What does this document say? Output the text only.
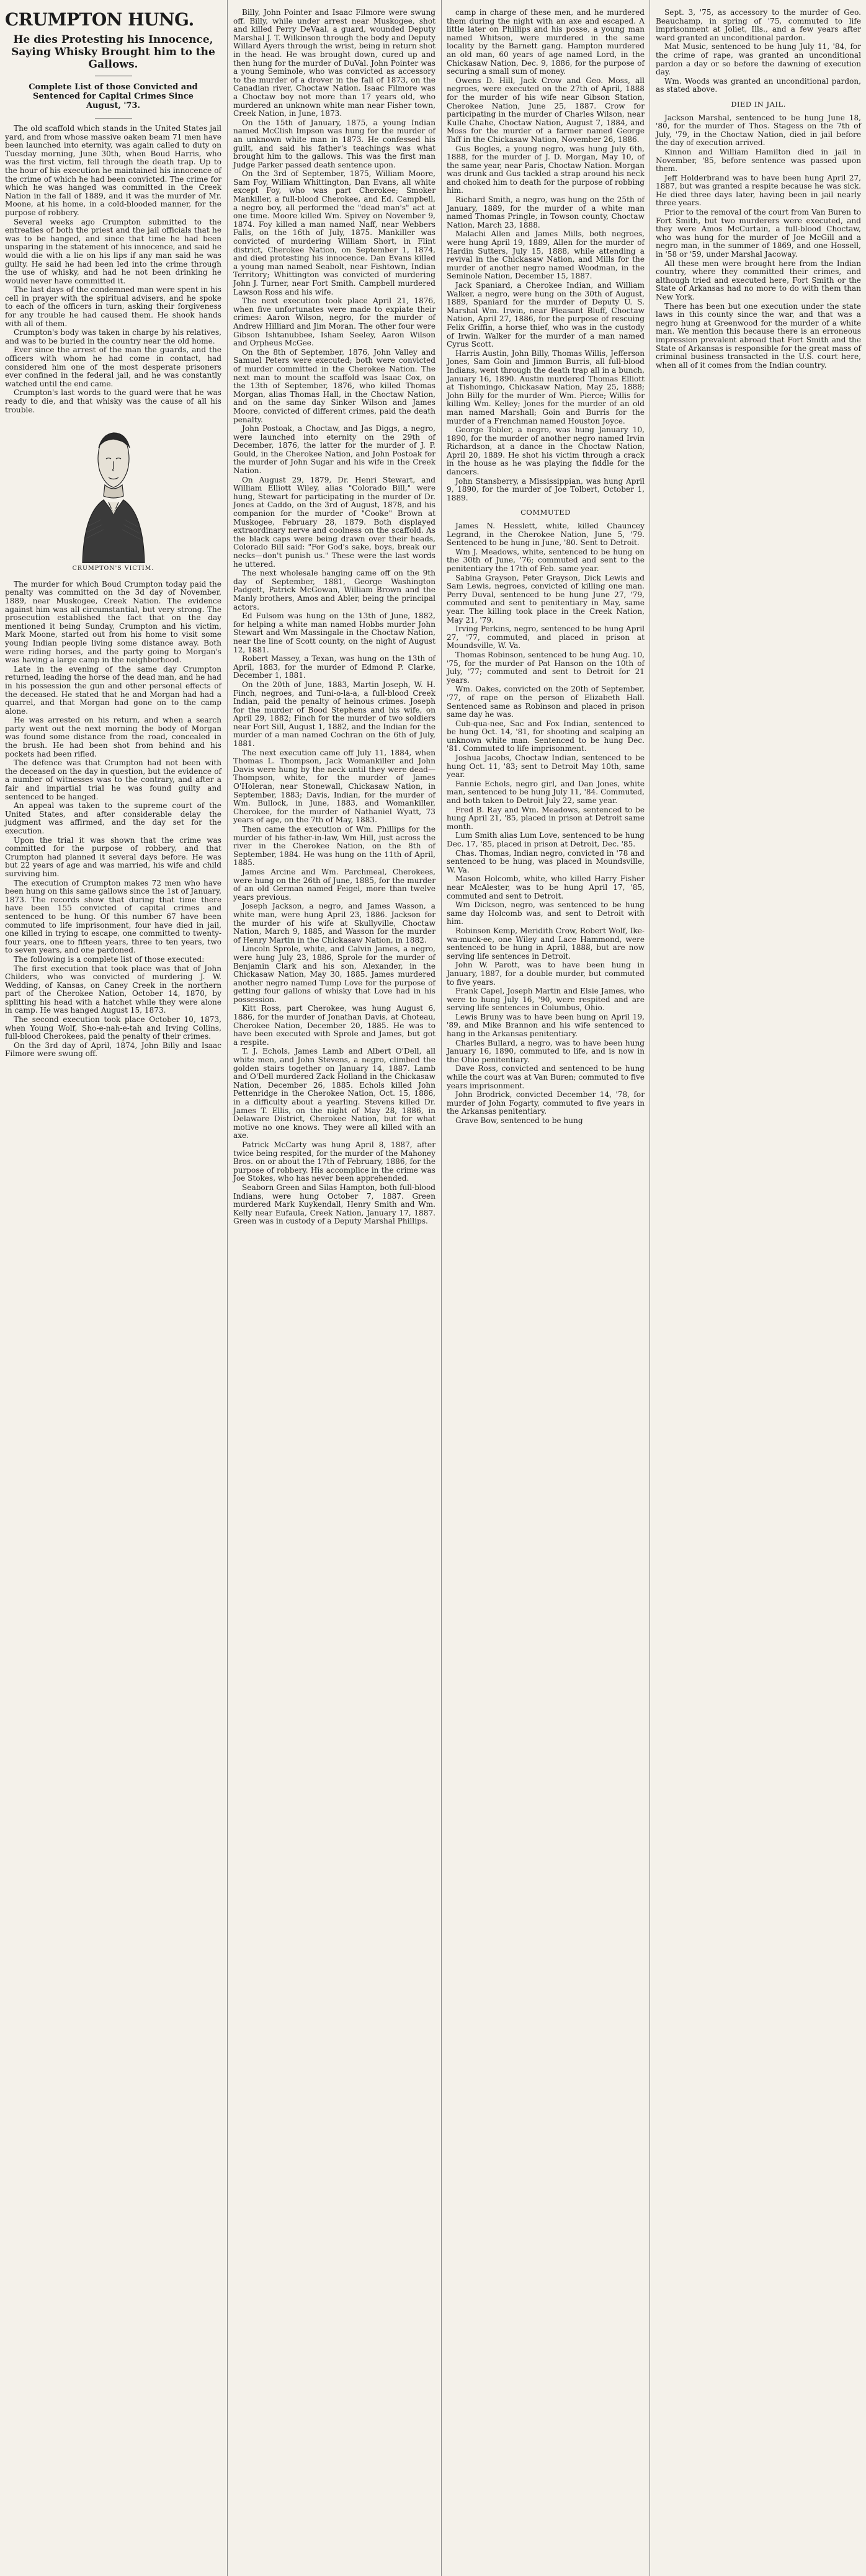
CRUMPTON HUNG.
He dies Protesting his Innocence, Saying Whisky Brought him to the Gallows.
Complete List of those Convicted and Sentenced for Capital Crimes Since August, '73.

The old scaffold which stands in the United States jail yard, and from whose massive oaken beam 71 men have been launched into eternity, was again called to duty on Tuesday morning, June 30th, when Boud Harris, who was the first victim, fell through the death trap. Up to the hour of his execution he maintained his innocence of the crime of which he had been convicted. The crime for which he was hanged was committed in the Creek Nation in the fall of 1889, and it was the murder of Mr. Moone, at his home, in a cold-blooded manner, for the purpose of robbery.

Several weeks ago Crumpton submitted to the entreaties of both the priest and the jail officials that he was to be hanged, and since that time he had been unsparing in the statement of his innocence, and said he would die with a lie on his lips if any man said he was guilty. He said he had been led into the crime through the use of whisky, and had he not been drinking he would never have committed it.

The last days of the condemned man were spent in his cell in prayer with the spiritual advisers, and he spoke to each of the officers in turn, asking their forgiveness for any trouble he had caused them. He shook hands with all of them.

Crumpton's body was taken in charge by his relatives, and was to be buried in the country near the old home.

Ever since the arrest of the man the guards, and the officers with whom he had come in contact, had considered him one of the most desperate prisoners ever confined in the federal jail, and he was constantly watched until the end came.

Crumpton's last words to the guard were that he was ready to die, and that whisky was the cause of all his trouble.

CRUMPTON'S VICTIM.

The murder for which Boud Crumpton today paid the penalty was committed on the 3d day of November, 1889, near Muskogee, Creek Nation. The evidence against him was all circumstantial, but very strong. The prosecution established the fact that on the day mentioned it being Sunday, Crumpton and his victim, Mark Moone, started out from his home to visit some young Indian people living some distance away. Both were riding horses, and the party going to Morgan's was having a large camp in the neighborhood.

Late in the evening of the same day Crumpton returned, leading the horse of the dead man, and he had in his possession the gun and other personal effects of the deceased. He stated that he and Morgan had had a quarrel, and that Morgan had gone on to the camp alone.

He was arrested on his return, and when a search party went out the next morning the body of Morgan was found some distance from the road, concealed in the brush. He had been shot from behind and his pockets had been rifled.

The defence was that Crumpton had not been with the deceased on the day in question, but the evidence of a number of witnesses was to the contrary, and after a fair and impartial trial he was found guilty and sentenced to be hanged.

An appeal was taken to the supreme court of the United States, and after considerable delay the judgment was affirmed, and the day set for the execution.

Upon the trial it was shown that the crime was committed for the purpose of robbery, and that Crumpton had planned it several days before. He was but 22 years of age and was married, his wife and child surviving him.

The execution of Crumpton makes 72 men who have been hung on this same gallows since the 1st of January, 1873. The records show that during that time there have been 155 convicted of capital crimes and sentenced to be hung. Of this number 67 have been commuted to life imprisonment, four have died in jail, one killed in trying to escape, one committed to twenty-four years, one to fifteen years, three to ten years, two to seven years, and one pardoned.

The following is a complete list of those executed:

The first execution that took place was that of John Childers, who was convicted of murdering J. W. Wedding, of Kansas, on Caney Creek in the northern part of the Cherokee Nation, October 14, 1870, by splitting his head with a hatchet while they were alone in camp. He was hanged August 15, 1873.

The second execution took place October 10, 1873, when Young Wolf, Sho-e-nah-e-tah and Irving Collins, full-blood Cherokees, paid the penalty of their crimes.

On the 3rd day of April, 1874, John Billy and Isaac Filmore were swung off.

Billy, John Pointer and Isaac Filmore were swung off. Billy, while under arrest near Muskogee, shot and killed Perry DeVaal, a guard, wounded Deputy Marshal J. T. Wilkinson through the body and Deputy Willard Ayers through the wrist, being in return shot in the head. He was brought down, cured up and then hung for the murder of DuVal. John Pointer was a young Seminole, who was convicted as accessory to the murder of a drover in the fall of 1873, on the Canadian river, Choctaw Nation. Isaac Filmore was a Choctaw boy not more than 17 years old, who murdered an unknown white man near Fisher town, Creek Nation, in June, 1873.

On the 15th of January, 1875, a young Indian named McClish Impson was hung for the murder of an unknown white man in 1873. He confessed his guilt, and said his father's teachings was what brought him to the gallows. This was the first man Judge Parker passed death sentence upon.

On the 3rd of September, 1875, William Moore, Sam Foy, William Whittington, Dan Evans, all white except Foy, who was part Cherokee; Smoker Mankiller, a full-blood Cherokee, and Ed. Campbell, a negro boy, all performed the "dead man's" act at one time. Moore killed Wm. Spivey on November 9, 1874. Foy killed a man named Naff, near Webbers Falls, on the 16th of July, 1875. Mankiller was convicted of murdering William Short, in Flint district, Cherokee Nation, on September 1, 1874, and died protesting his innocence. Dan Evans killed a young man named Seabolt, near Fishtown, Indian Territory; Whittington was convicted of murdering John J. Turner, near Fort Smith. Campbell murdered Lawson Ross and his wife.

The next execution took place April 21, 1876, when five unfortunates were made to expiate their crimes: Aaron Wilson, negro, for the murder of Andrew Hilliard and Jim Moran. The other four were Gibson Ishtanubbee, Isham Seeley, Aaron Wilson and Orpheus McGee.

On the 8th of September, 1876, John Valley and Samuel Peters were executed; both were convicted of murder committed in the Cherokee Nation. The next man to mount the scaffold was Isaac Cox, on the 13th of September, 1876, who killed Thomas Morgan, alias Thomas Hall, in the Choctaw Nation, and on the same day Sinker Wilson and James Moore, convicted of different crimes, paid the death penalty.

John Postoak, a Choctaw, and Jas Diggs, a negro, were launched into eternity on the 29th of December, 1876, the latter for the murder of J. P. Gould, in the Cherokee Nation, and John Postoak for the murder of John Sugar and his wife in the Creek Nation.

On August 29, 1879, Dr. Henri Stewart, and William Elliott Wiley, alias "Colorado Bill," were hung, Stewart for participating in the murder of Dr. Jones at Caddo, on the 3rd of August, 1878, and his companion for the murder of "Cooke" Brown at Muskogee, February 28, 1879. Both displayed extraordinary nerve and coolness on the scaffold. As the black caps were being drawn over their heads, Colorado Bill said: "For God's sake, boys, break our necks—don't punish us." These were the last words he uttered.

The next wholesale hanging came off on the 9th day of September, 1881, George Washington Padgett, Patrick McGowan, William Brown and the Manly brothers, Amos and Abler, being the principal actors.

Ed Fulsom was hung on the 13th of June, 1882, for helping a white man named Hobbs murder John Stewart and Wm Massingale in the Choctaw Nation, near the line of Scott county, on the night of August 12, 1881.

Robert Massey, a Texan, was hung on the 13th of April, 1883, for the murder of Edmond P. Clarke, December 1, 1881.

On the 20th of June, 1883, Martin Joseph, W. H. Finch, negroes, and Tuni-o-la-a, a full-blood Creek Indian, paid the penalty of heinous crimes. Joseph for the murder of Bood Stephens and his wife, on April 29, 1882; Finch for the murder of two soldiers near Fort Sill, August 1, 1882, and the Indian for the murder of a man named Cochran on the 6th of July, 1881.

The next execution came off July 11, 1884, when Thomas L. Thompson, Jack Womankiller and John Davis were hung by the neck until they were dead—Thompson, white, for the murder of James O'Holeran, near Stonewall, Chickasaw Nation, in September, 1883; Davis, Indian, for the murder of Wm. Bullock, in June, 1883, and Womankiller, Cherokee, for the murder of Nathaniel Wyatt, 73 years of age, on the 7th of May, 1883.

Then came the execution of Wm. Phillips for the murder of his father-in-law, Wm Hill, just across the river in the Cherokee Nation, on the 8th of September, 1884. He was hung on the 11th of April, 1885.

James Arcine and Wm. Parchmeal, Cherokees, were hung on the 26th of June, 1885, for the murder of an old German named Feigel, more than twelve years previous.

Joseph Jackson, a negro, and James Wasson, a white man, were hung April 23, 1886. Jackson for the murder of his wife at Skullyville, Choctaw Nation, March 9, 1885, and Wasson for the murder of Henry Martin in the Chickasaw Nation, in 1882.

Lincoln Sprole, white, and Calvin James, a negro, were hung July 23, 1886, Sprole for the murder of Benjamin Clark and his son, Alexander, in the Chickasaw Nation, May 30, 1885. James murdered another negro named Tump Love for the purpose of getting four gallons of whisky that Love had in his possession.

Kitt Ross, part Cherokee, was hung August 6, 1886, for the murder of Jonathan Davis, at Choteau, Cherokee Nation, December 20, 1885. He was to have been executed with Sprole and James, but got a respite.

T. J. Echols, James Lamb and Albert O'Dell, all white men, and John Stevens, a negro, climbed the golden stairs together on January 14, 1887. Lamb and O'Dell murdered Zack Holland in the Chickasaw Nation, December 26, 1885. Echols killed John Pettenridge in the Cherokee Nation, Oct. 15, 1886, in a difficulty about a yearling. Stevens killed Dr. James T. Ellis, on the night of May 28, 1886, in Delaware District, Cherokee Nation, but for what motive no one knows. They were all killed with an axe.

Patrick McCarty was hung April 8, 1887, after twice being respited, for the murder of the Mahoney Bros. on or about the 17th of February, 1886, for the purpose of robbery. His accomplice in the crime was Joe Stokes, who has never been apprehended.

Seaborn Green and Silas Hampton, both full-blood Indians, were hung October 7, 1887. Green murdered Mark Kuykendall, Henry Smith and Wm. Kelly near Eufaula, Creek Nation, January 17, 1887. Green was in custody of a Deputy Marshal Phillips.

camp in charge of these men, and he murdered them during the night with an axe and escaped. A little later on Phillips and his posse, a young man named Whitson, were murdered in the same locality by the Barnett gang. Hampton murdered an old man, 60 years of age named Lord, in the Chickasaw Nation, Dec. 9, 1886, for the purpose of securing a small sum of money.

Owens D. Hill, Jack Crow and Geo. Moss, all negroes, were executed on the 27th of April, 1888 for the murder of his wife near Gibson Station, Cherokee Nation, June 25, 1887. Crow for participating in the murder of Charles Wilson, near Kulle Chahe, Choctaw Nation, August 7, 1884, and Moss for the murder of a farmer named George Taff in the Chickasaw Nation, November 26, 1886.

Gus Bogles, a young negro, was hung July 6th, 1888, for the murder of J. D. Morgan, May 10, of the same year, near Paris, Choctaw Nation. Morgan was drunk and Gus tackled a strap around his neck and choked him to death for the purpose of robbing him.

Richard Smith, a negro, was hung on the 25th of January, 1889, for the murder of a white man named Thomas Pringle, in Towson county, Choctaw Nation, March 23, 1888.

Malachi Allen and James Mills, both negroes, were hung April 19, 1889, Allen for the murder of Hardin Sutters, July 15, 1888, while attending a revival in the Chickasaw Nation, and Mills for the murder of another negro named Woodman, in the Seminole Nation, December 15, 1887.

Jack Spaniard, a Cherokee Indian, and William Walker, a negro, were hung on the 30th of August, 1889, Spaniard for the murder of Deputy U. S. Marshal Wm. Irwin, near Pleasant Bluff, Choctaw Nation, April 27, 1886, for the purpose of rescuing Felix Griffin, a horse thief, who was in the custody of Irwin. Walker for the murder of a man named Cyrus Scott.

Harris Austin, John Billy, Thomas Willis, Jefferson Jones, Sam Goin and Jimmon Burris, all full-blood Indians, went through the death trap all in a bunch, January 16, 1890. Austin murdered Thomas Elliott at Tishomingo, Chickasaw Nation, May 25, 1888; John Billy for the murder of Wm. Pierce; Willis for killing Wm. Kelley; Jones for the murder of an old man named Marshall; Goin and Burris for the murder of a Frenchman named Houston Joyce.

George Tobler, a negro, was hung January 10, 1890, for the murder of another negro named Irvin Richardson, at a dance in the Choctaw Nation, April 20, 1889. He shot his victim through a crack in the house as he was playing the fiddle for the dancers.

John Stansberry, a Mississippian, was hung April 9, 1890, for the murder of Joe Tolbert, October 1, 1889.

COMMUTED

James N. Hesslett, white, killed Chauncey Legrand, in the Cherokee Nation, June 5, '79. Sentenced to be hung in June, '80. Sent to Detroit.

Wm J. Meadows, white, sentenced to be hung on the 30th of June, '76; commuted and sent to the penitentiary the 17th of Feb. same year.

Sabina Grayson, Peter Grayson, Dick Lewis and Sam Lewis, negroes, convicted of killing one man. Perry Duval, sentenced to be hung June 27, '79, commuted and sent to penitentiary in May, same year. The killing took place in the Creek Nation, May 21, '79.

Irving Perkins, negro, sentenced to be hung April 27, '77, commuted, and placed in prison at Moundsville, W. Va.

Thomas Robinson, sentenced to be hung Aug. 10, '75, for the murder of Pat Hanson on the 10th of July, '77; commuted and sent to Detroit for 21 years.

Wm. Oakes, convicted on the 20th of September, '77, of rape on the person of Elizabeth Hall. Sentenced same as Robinson and placed in prison same day he was.

Cub-qua-nee, Sac and Fox Indian, sentenced to be hung Oct. 14, '81, for shooting and scalping an unknown white man. Sentenced to be hung Dec. '81. Commuted to life imprisonment.

Joshua Jacobs, Choctaw Indian, sentenced to be hung Oct. 11, '83; sent to Detroit May 10th, same year.

Fannie Echols, negro girl, and Dan Jones, white man, sentenced to be hung July 11, '84. Commuted, and both taken to Detroit July 22, same year.

Fred B. Ray and Wm. Meadows, sentenced to be hung April 21, '85, placed in prison at Detroit same month.

Lum Smith alias Lum Love, sentenced to be hung Dec. 17, '85, placed in prison at Detroit, Dec. '85.

Chas. Thomas, Indian negro, convicted in '78 and sentenced to be hung, was placed in Moundsville, W. Va.

Mason Holcomb, white, who killed Harry Fisher near McAlester, was to be hung April 17, '85, commuted and sent to Detroit.

Wm Dickson, negro, was sentenced to be hung same day Holcomb was, and sent to Detroit with him.

Robinson Kemp, Meridith Crow, Robert Wolf, Ike-wa-muck-ee, one Wiley and Lace Hammond, were sentenced to be hung in April, 1888, but are now serving life sentences in Detroit.

John W. Parott, was to have been hung in January, 1887, for a double murder, but commuted to five years.

Frank Capel, Joseph Martin and Elsie James, who were to hung July 16, '90, were respited and are serving life sentences in Columbus, Ohio.

Lewis Bruny was to have been hung on April 19, '89, and Mike Brannon and his wife sentenced to hang in the Arkansas penitentiary.

Charles Bullard, a negro, was to have been hung January 16, 1890, commuted to life, and is now in the Ohio penitentiary.

Dave Ross, convicted and sentenced to be hung while the court was at Van Buren; commuted to five years imprisonment.

John Brodrick, convicted December 14, '78, for murder of John Fogarty, commuted to five years in the Arkansas penitentiary.

Grave Bow, sentenced to be hung

Sept. 3, '75, as accessory to the murder of Geo. Beauchamp, in spring of '75, commuted to life imprisonment at Joliet, Ills., and a few years after ward granted an unconditional pardon.

Mat Music, sentenced to be hung July 11, '84, for the crime of rape, was granted an unconditional pardon a day or so before the dawning of execution day.

Wm. Woods was granted an unconditional pardon, as stated above.

DIED IN JAIL.

Jackson Marshal, sentenced to be hung June 18, '80, for the murder of Thos. Stagess on the 7th of July, '79, in the Choctaw Nation, died in jail before the day of execution arrived.

Kinnon and William Hamilton died in jail in November, '85, before sentence was passed upon them.

Jeff Holderbrand was to have been hung April 27, 1887, but was granted a respite because he was sick. He died three days later, having been in jail nearly three years.

Prior to the removal of the court from Van Buren to Fort Smith, but two murderers were executed, and they were Amos McCurtain, a full-blood Choctaw, who was hung for the murder of Joe McGill and a negro man, in the summer of 1869, and one Hossell, in '58 or '59, under Marshal Jacoway.

All these men were brought here from the Indian country, where they committed their crimes, and although tried and executed here, Fort Smith or the State of Arkansas had no more to do with them than New York.

There has been but one execution under the state laws in this county since the war, and that was a negro hung at Greenwood for the murder of a white man. We mention this because there is an erroneous impression prevalent abroad that Fort Smith and the State of Arkansas is responsible for the great mass of criminal business transacted in the U.S. court here, when all of it comes from the Indian country.
